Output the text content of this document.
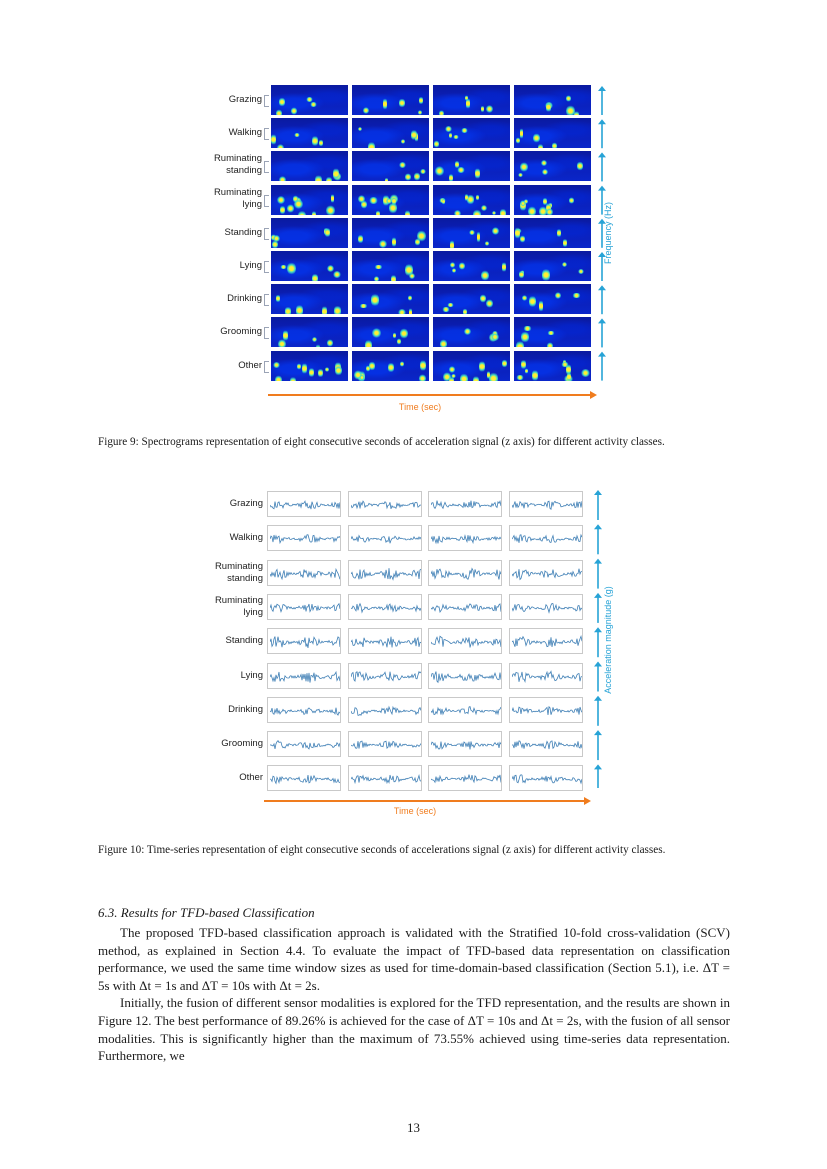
Grazing
Walking
Ruminating
standing
Ruminating
lying
Standing
Lying
Drinking
Grooming
Other
Frequency (Hz)
Time (sec)
Figure 9: Spectrograms representation of eight consecutive seconds of acceleration signal (z axis) for different activity classes.
Grazing
Walking
Ruminating
standing
Ruminating
lying
Standing
Lying
Drinking
Grooming
Other
Acceleration magnitude (g)
Time (sec)
Figure 10: Time-series representation of eight consecutive seconds of accelerations signal (z axis) for different activity classes.
6.3. Results for TFD-based Classification

The proposed TFD-based classification approach is validated with the Stratified 10-fold cross-validation (SCV) method, as explained in Section 4.4. To evaluate the impact of TFD-based data representation on classification performance, we used the same time window sizes as used for time-domain-based classification (Section 5.1), i.e. ΔT = 5s with Δt = 1s and ΔT = 10s with Δt = 2s.

Initially, the fusion of different sensor modalities is explored for the TFD representation, and the results are shown in Figure 12. The best performance of 89.26% is achieved for the case of ΔT = 10s and Δt = 2s, with the fusion of all sensor modalities. This is significantly higher than the maximum of 73.55% achieved using time-series data representation. Furthermore, we

13
